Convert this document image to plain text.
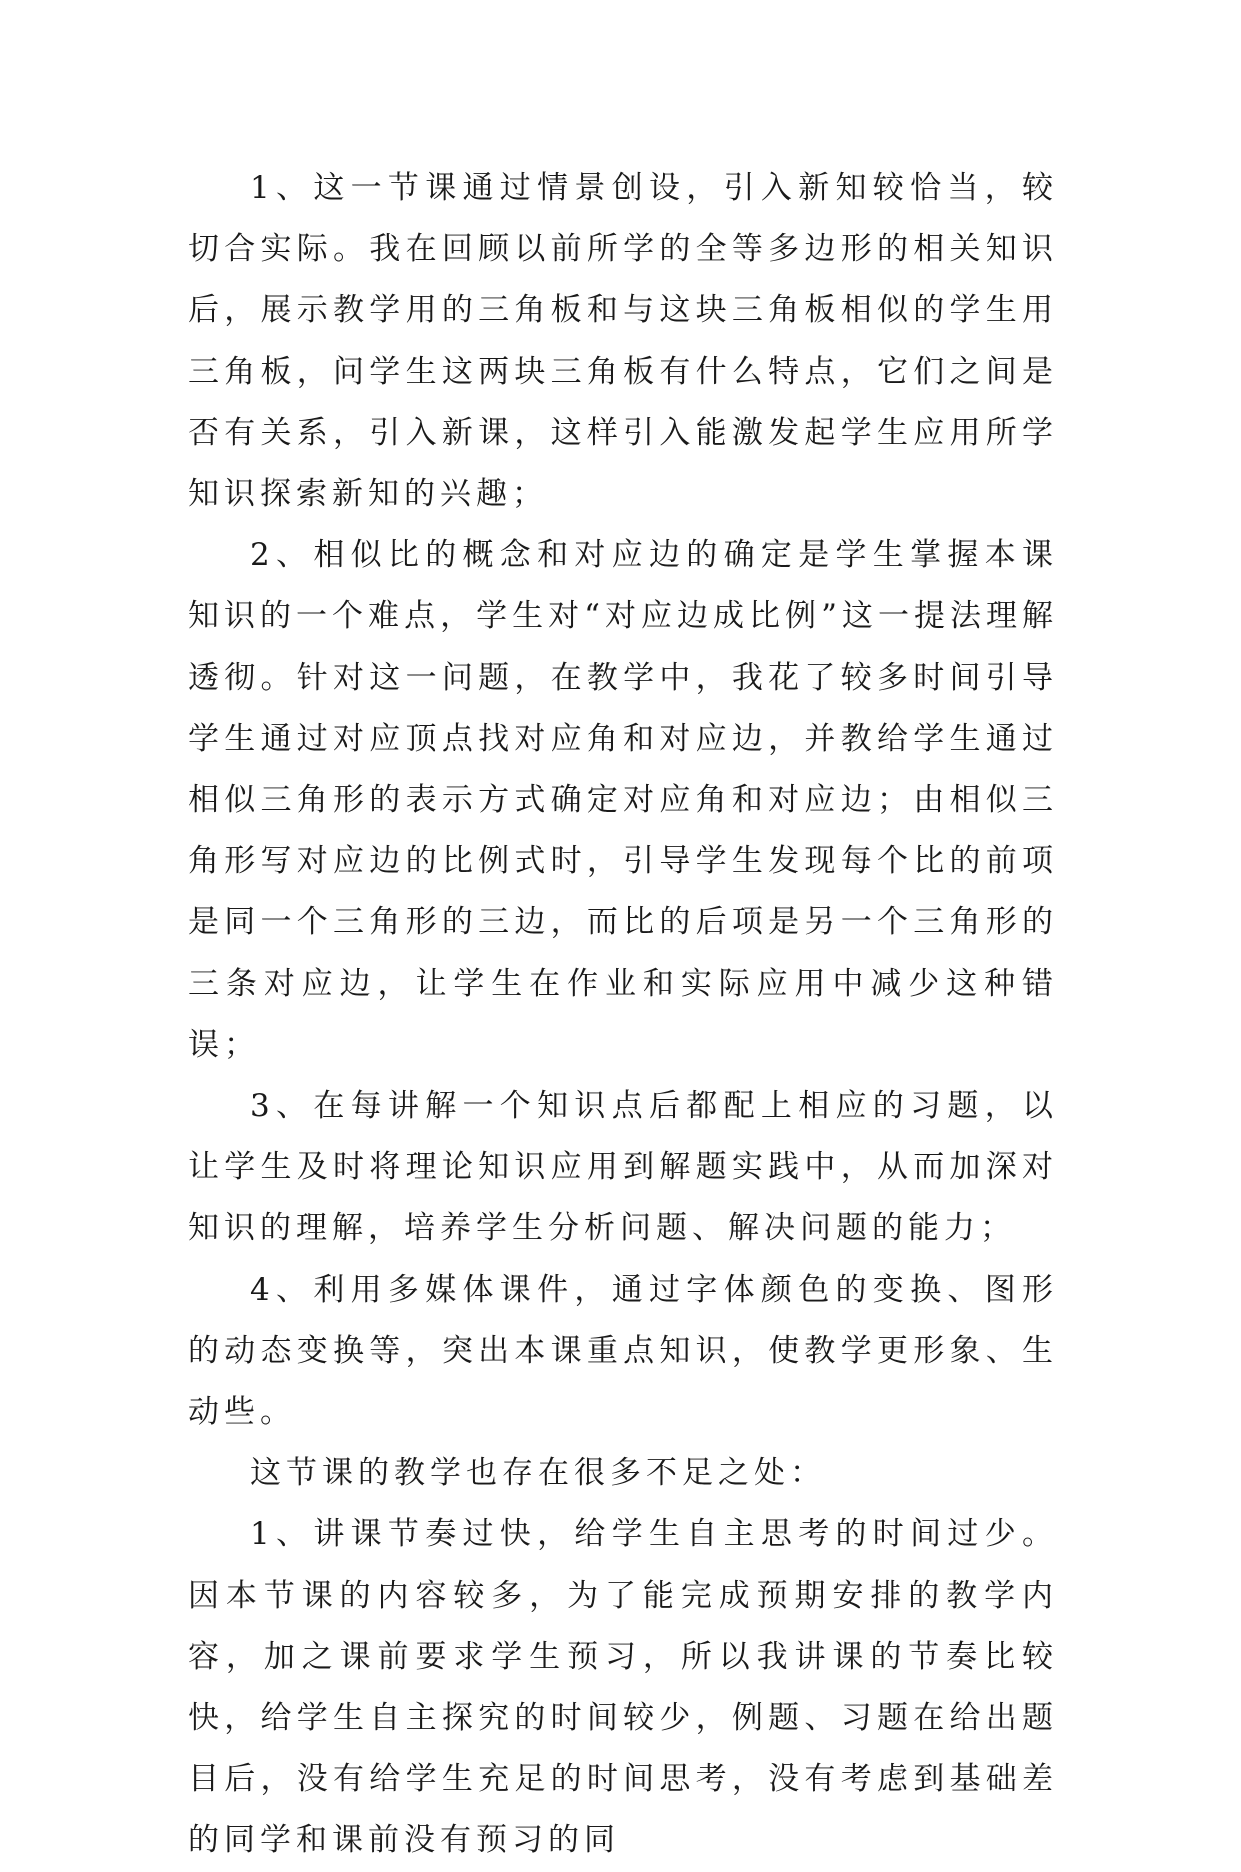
1、这一节课通过情景创设，引入新知较恰当，较切合实际。我在回顾以前所学的全等多边形的相关知识后，展示教学用的三角板和与这块三角板相似的学生用三角板，问学生这两块三角板有什么特点，它们之间是否有关系，引入新课，这样引入能激发起学生应用所学知识探索新知的兴趣；

2、相似比的概念和对应边的确定是学生掌握本课知识的一个难点，学生对“对应边成比例”这一提法理解透彻。针对这一问题，在教学中，我花了较多时间引导学生通过对应顶点找对应角和对应边，并教给学生通过相似三角形的表示方式确定对应角和对应边；由相似三角形写对应边的比例式时，引导学生发现每个比的前项是同一个三角形的三边，而比的后项是另一个三角形的三条对应边，让学生在作业和实际应用中减少这种错误；

3、在每讲解一个知识点后都配上相应的习题，以让学生及时将理论知识应用到解题实践中，从而加深对知识的理解，培养学生分析问题、解决问题的能力；

4、利用多媒体课件，通过字体颜色的变换、图形的动态变换等，突出本课重点知识，使教学更形象、生动些。

这节课的教学也存在很多不足之处：

1、讲课节奏过快，给学生自主思考的时间过少。因本节课的内容较多，为了能完成预期安排的教学内容，加之课前要求学生预习，所以我讲课的节奏比较快，给学生自主探究的时间较少，例题、习题在给出题目后，没有给学生充足的时间思考，没有考虑到基础差的同学和课前没有预习的同
